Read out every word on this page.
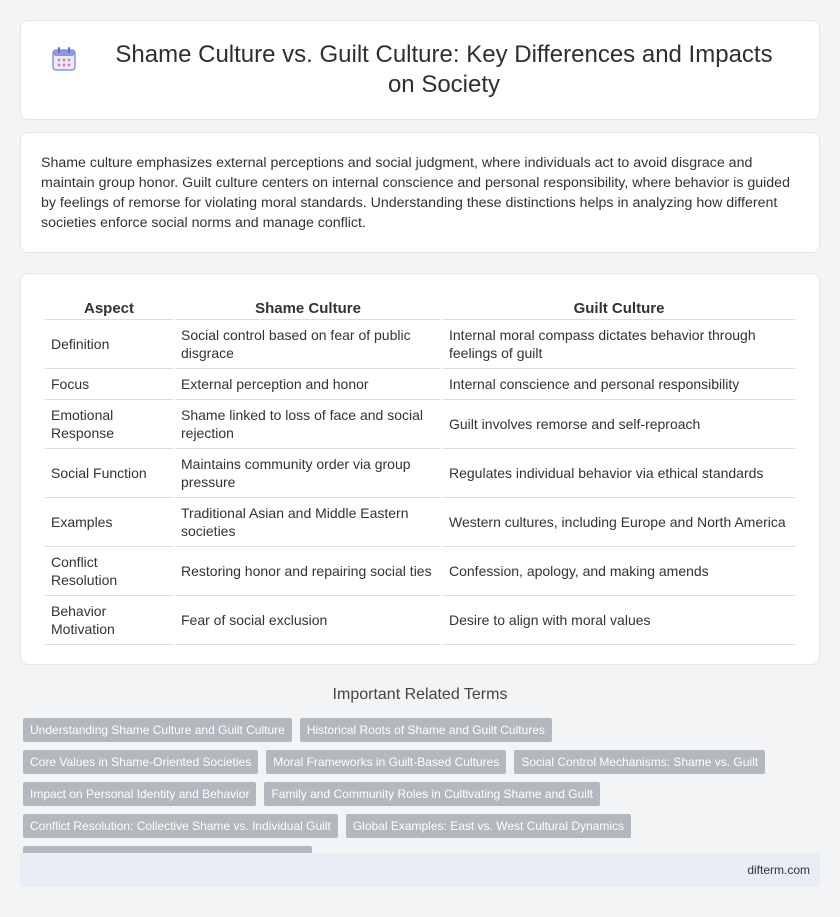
Shame Culture vs. Guilt Culture: Key Differences and Impacts on Society

Shame culture emphasizes external perceptions and social judgment, where individuals act to avoid disgrace and maintain group honor. Guilt culture centers on internal conscience and personal responsibility, where behavior is guided by feelings of remorse for violating moral standards. Understanding these distinctions helps in analyzing how different societies enforce social norms and manage conflict.

Aspect	Shame Culture	Guilt Culture
Definition	Social control based on fear of public disgrace	Internal moral compass dictates behavior through feelings of guilt
Focus	External perception and honor	Internal conscience and personal responsibility
Emotional Response	Shame linked to loss of face and social rejection	Guilt involves remorse and self-reproach
Social Function	Maintains community order via group pressure	Regulates individual behavior via ethical standards
Examples	Traditional Asian and Middle Eastern societies	Western cultures, including Europe and North America
Conflict Resolution	Restoring honor and repairing social ties	Confession, apology, and making amends
Behavior Motivation	Fear of social exclusion	Desire to align with moral values
Important Related Terms
Understanding Shame Culture and Guilt Culture	Historical Roots of Shame and Guilt Cultures
Core Values in Shame-Oriented Societies	Moral Frameworks in Guilt-Based Cultures	Social Control Mechanisms: Shame vs. Guilt
Impact on Personal Identity and Behavior	Family and Community Roles in Cultivating Shame and Guilt
Conflict Resolution: Collective Shame vs. Individual Guilt	Global Examples: East vs. West Cultural Dynamics
difterm.com
